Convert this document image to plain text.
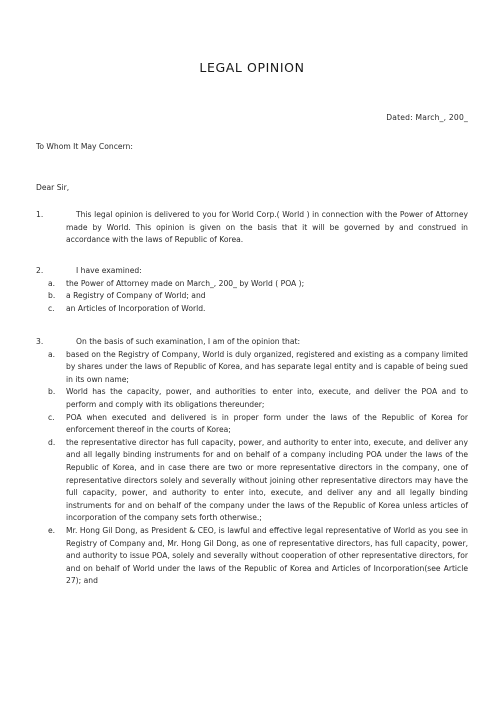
LEGAL OPINION
Dated: March_, 200_
To Whom It May Concern:
Dear Sir,
1.	This legal opinion is delivered to you for World Corp.( World ) in connection with the Power of Attorney made by World. This opinion is given on the basis that it will be governed by and construed in accordance with the laws of Republic of Korea.

2.	I have examined:

a. the Power of Attorney made on March_, 200_ by World ( POA );

b. a Registry of Company of World; and

c. an Articles of Incorporation of World.

3.	On the basis of such examination, I am of the opinion that:

a. based on the Registry of Company, World is duly organized, registered and existing as a company limited by shares under the laws of Republic of Korea, and has separate legal entity and is capable of being sued in its own name;

b. World has the capacity, power, and authorities to enter into, execute, and deliver the POA and to perform and comply with its obligations thereunder;

c. POA when executed and delivered is in proper form under the laws of the Republic of Korea for enforcement thereof in the courts of Korea;

d. the representative director has full capacity, power, and authority to enter into, execute, and deliver any and all legally binding instruments for and on behalf of a company including POA under the laws of the Republic of Korea, and in case there are two or more representative directors in the company, one of representative directors solely and severally without joining other representative directors may have the full capacity, power, and authority to enter into, execute, and deliver any and all legally binding instruments for and on behalf of the company under the laws of the Republic of Korea unless articles of incorporation of the company sets forth otherwise.;

e. Mr. Hong Gil Dong, as President & CEO, is lawful and effective legal representative of World as you see in Registry of Company and, Mr. Hong Gil Dong, as one of representative directors, has full capacity, power, and authority to issue POA, solely and severally without cooperation of other representative directors, for and on behalf of World under the laws of the Republic of Korea and Articles of Incorporation(see Article 27); and
